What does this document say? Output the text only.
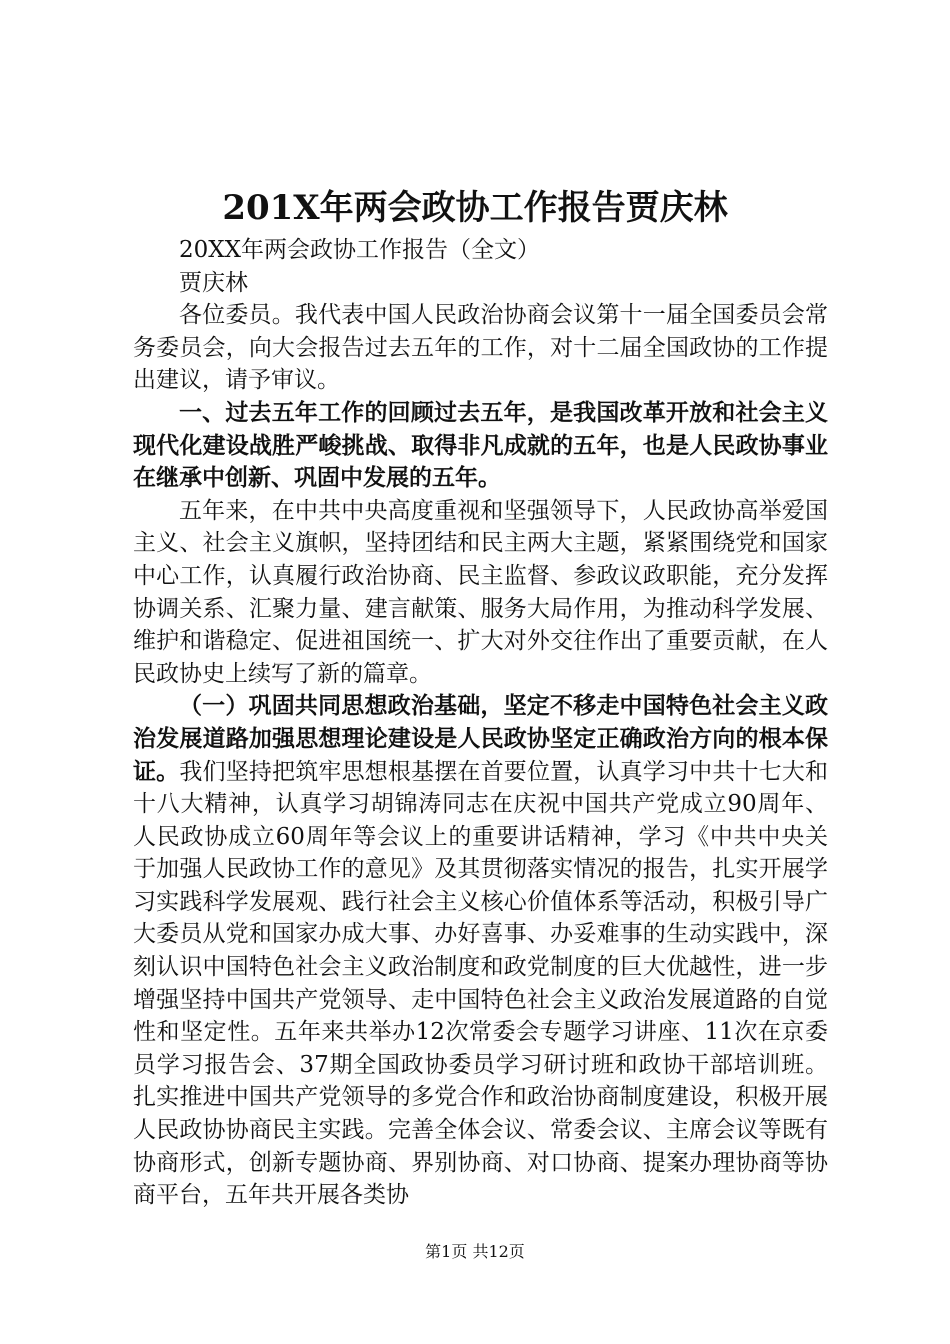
201X年两会政协工作报告贾庆林

20XX年两会政协工作报告（全文）

贾庆林

各位委员。我代表中国人民政治协商会议第十一届全国委员会常务委员会，向大会报告过去五年的工作，对十二届全国政协的工作提出建议，请予审议。

一、过去五年工作的回顾过去五年，是我国改革开放和社会主义现代化建设战胜严峻挑战、取得非凡成就的五年，也是人民政协事业在继承中创新、巩固中发展的五年。

五年来，在中共中央高度重视和坚强领导下，人民政协高举爱国主义、社会主义旗帜，坚持团结和民主两大主题，紧紧围绕党和国家中心工作，认真履行政治协商、民主监督、参政议政职能，充分发挥协调关系、汇聚力量、建言献策、服务大局作用，为推动科学发展、维护和谐稳定、促进祖国统一、扩大对外交往作出了重要贡献，在人民政协史上续写了新的篇章。

（一）巩固共同思想政治基础，坚定不移走中国特色社会主义政治发展道路加强思想理论建设是人民政协坚定正确政治方向的根本保证。我们坚持把筑牢思想根基摆在首要位置，认真学习中共十七大和十八大精神，认真学习胡锦涛同志在庆祝中国共产党成立90周年、人民政协成立60周年等会议上的重要讲话精神，学习《中共中央关于加强人民政协工作的意见》及其贯彻落实情况的报告，扎实开展学习实践科学发展观、践行社会主义核心价值体系等活动，积极引导广大委员从党和国家办成大事、办好喜事、办妥难事的生动实践中，深刻认识中国特色社会主义政治制度和政党制度的巨大优越性，进一步增强坚持中国共产党领导、走中国特色社会主义政治发展道路的自觉性和坚定性。五年来共举办12次常委会专题学习讲座、11次在京委员学习报告会、37期全国政协委员学习研讨班和政协干部培训班。扎实推进中国共产党领导的多党合作和政治协商制度建设，积极开展人民政协协商民主实践。完善全体会议、常委会议、主席会议等既有协商形式，创新专题协商、界别协商、对口协商、提案办理协商等协商平台，五年共开展各类协

第1页 共12页
